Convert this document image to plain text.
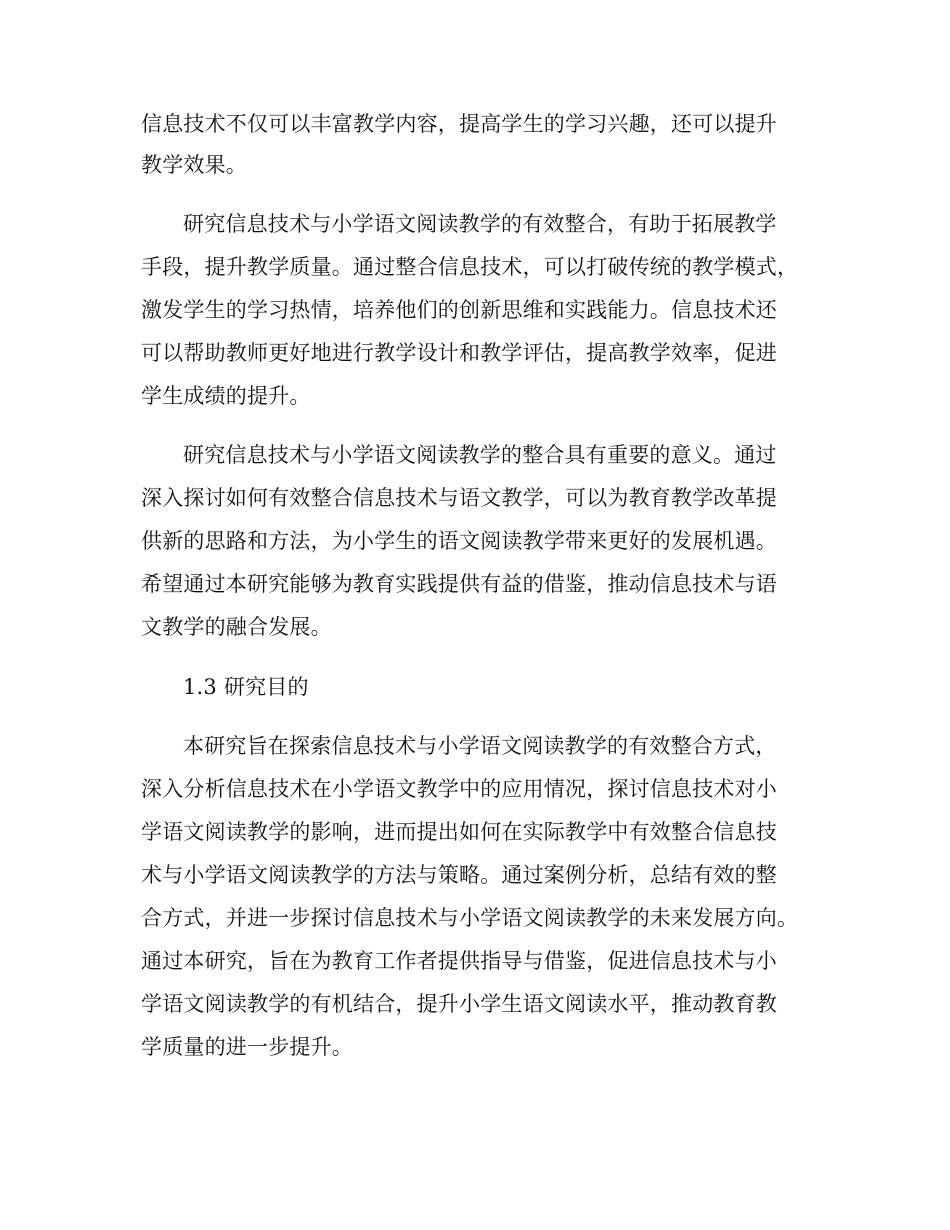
信息技术不仅可以丰富教学内容，提高学生的学习兴趣，还可以提升
教学效果。
研究信息技术与小学语文阅读教学的有效整合，有助于拓展教学
手段，提升教学质量。通过整合信息技术，可以打破传统的教学模式，
激发学生的学习热情，培养他们的创新思维和实践能力。信息技术还
可以帮助教师更好地进行教学设计和教学评估，提高教学效率，促进
学生成绩的提升。
研究信息技术与小学语文阅读教学的整合具有重要的意义。通过
深入探讨如何有效整合信息技术与语文教学，可以为教育教学改革提
供新的思路和方法，为小学生的语文阅读教学带来更好的发展机遇。
希望通过本研究能够为教育实践提供有益的借鉴，推动信息技术与语
文教学的融合发展。
1.3 研究目的
本研究旨在探索信息技术与小学语文阅读教学的有效整合方式，
深入分析信息技术在小学语文教学中的应用情况，探讨信息技术对小
学语文阅读教学的影响，进而提出如何在实际教学中有效整合信息技
术与小学语文阅读教学的方法与策略。通过案例分析，总结有效的整
合方式，并进一步探讨信息技术与小学语文阅读教学的未来发展方向。
通过本研究，旨在为教育工作者提供指导与借鉴，促进信息技术与小
学语文阅读教学的有机结合，提升小学生语文阅读水平，推动教育教
学质量的进一步提升。
